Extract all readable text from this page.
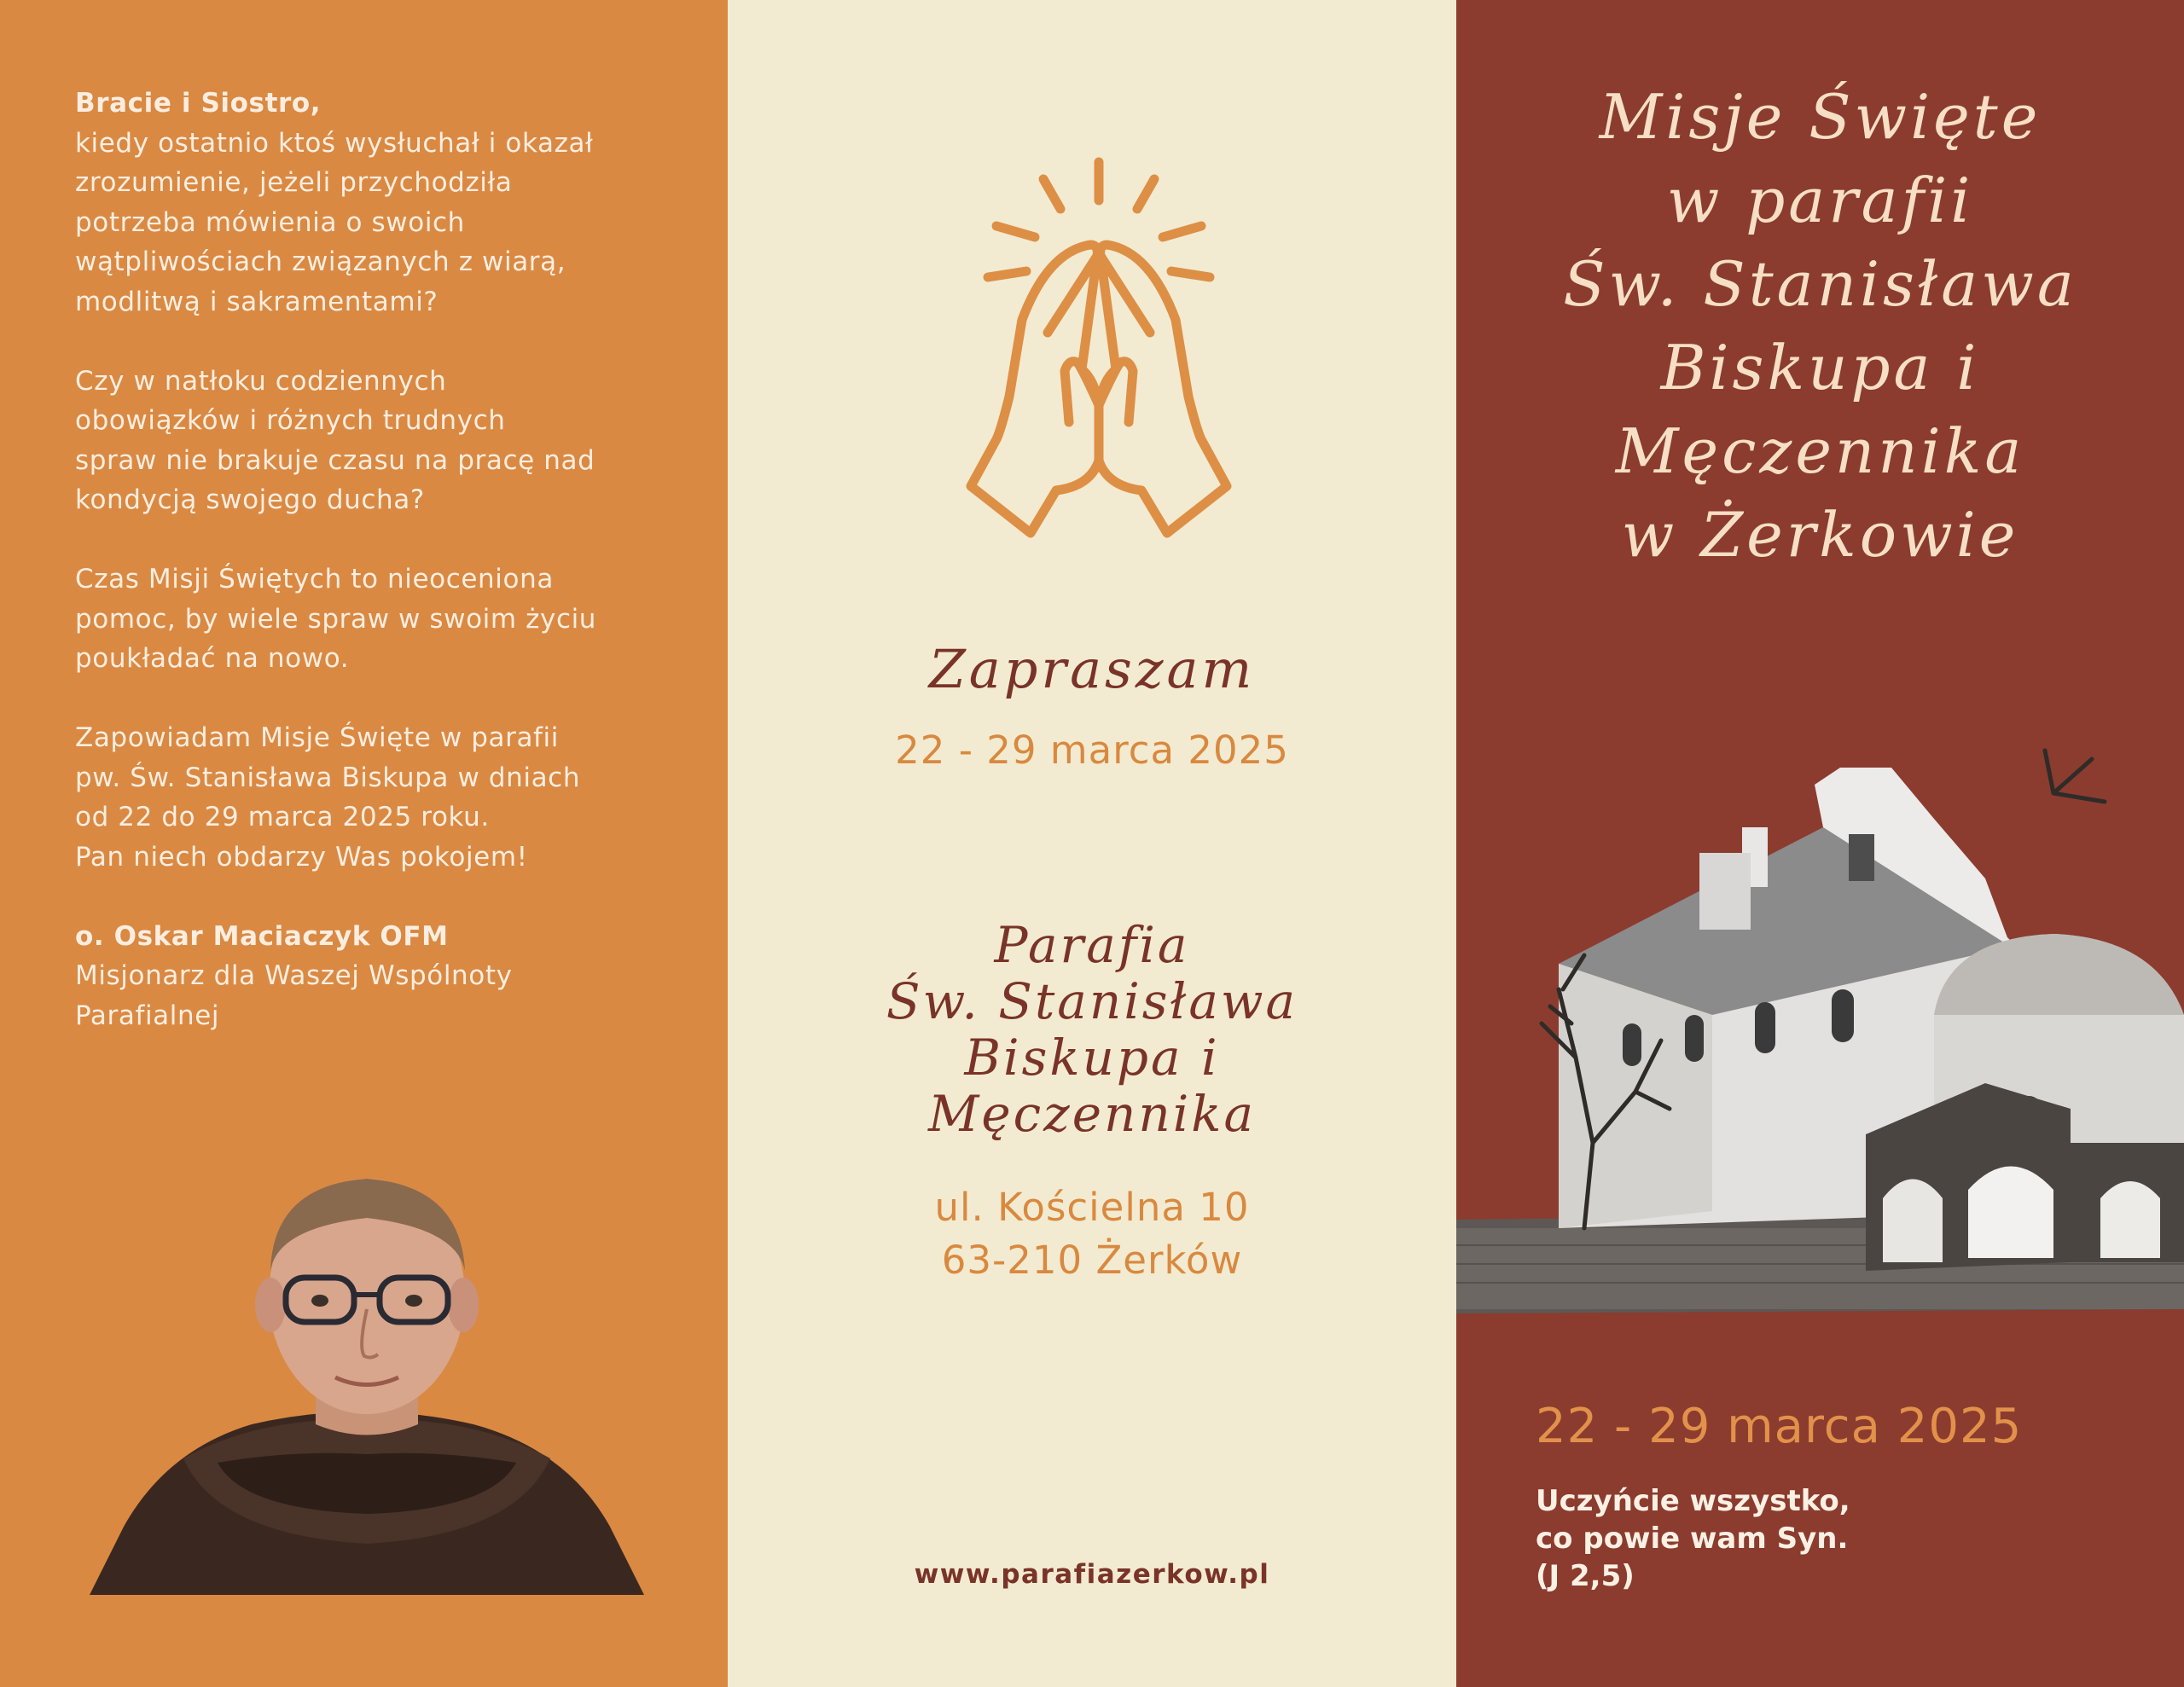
Bracie i Siostro,
kiedy ostatnio ktoś wysłuchał i okazał
zrozumienie, jeżeli przychodziła
potrzeba mówienia o swoich
wątpliwościach związanych z wiarą,
modlitwą i sakramentami?

Czy w natłoku codziennych
obowiązków i różnych trudnych
spraw nie brakuje czasu na pracę nad
kondycją swojego ducha?

Czas Misji Świętych to nieoceniona
pomoc, by wiele spraw w swoim życiu
poukładać na nowo.

Zapowiadam Misje Święte w parafii
pw. Św. Stanisława Biskupa w dniach
od 22 do 29 marca 2025 roku.
Pan niech obdarzy Was pokojem!

o. Oskar Maciaczyk OFM
Misjonarz dla Waszej Wspólnoty
Parafialnej

Zapraszam
22 - 29 marca 2025
Parafia
Św. Stanisława
Biskupa i
Męczennika
ul. Kościelna 10
63-210 Żerków
www.parafiazerkow.pl
Misje Święte
w parafii
Św. Stanisława
Biskupa i
Męczennika
w Żerkowie
22 - 29 marca 2025
Uczyńcie wszystko,
co powie wam Syn.
(J 2,5)
